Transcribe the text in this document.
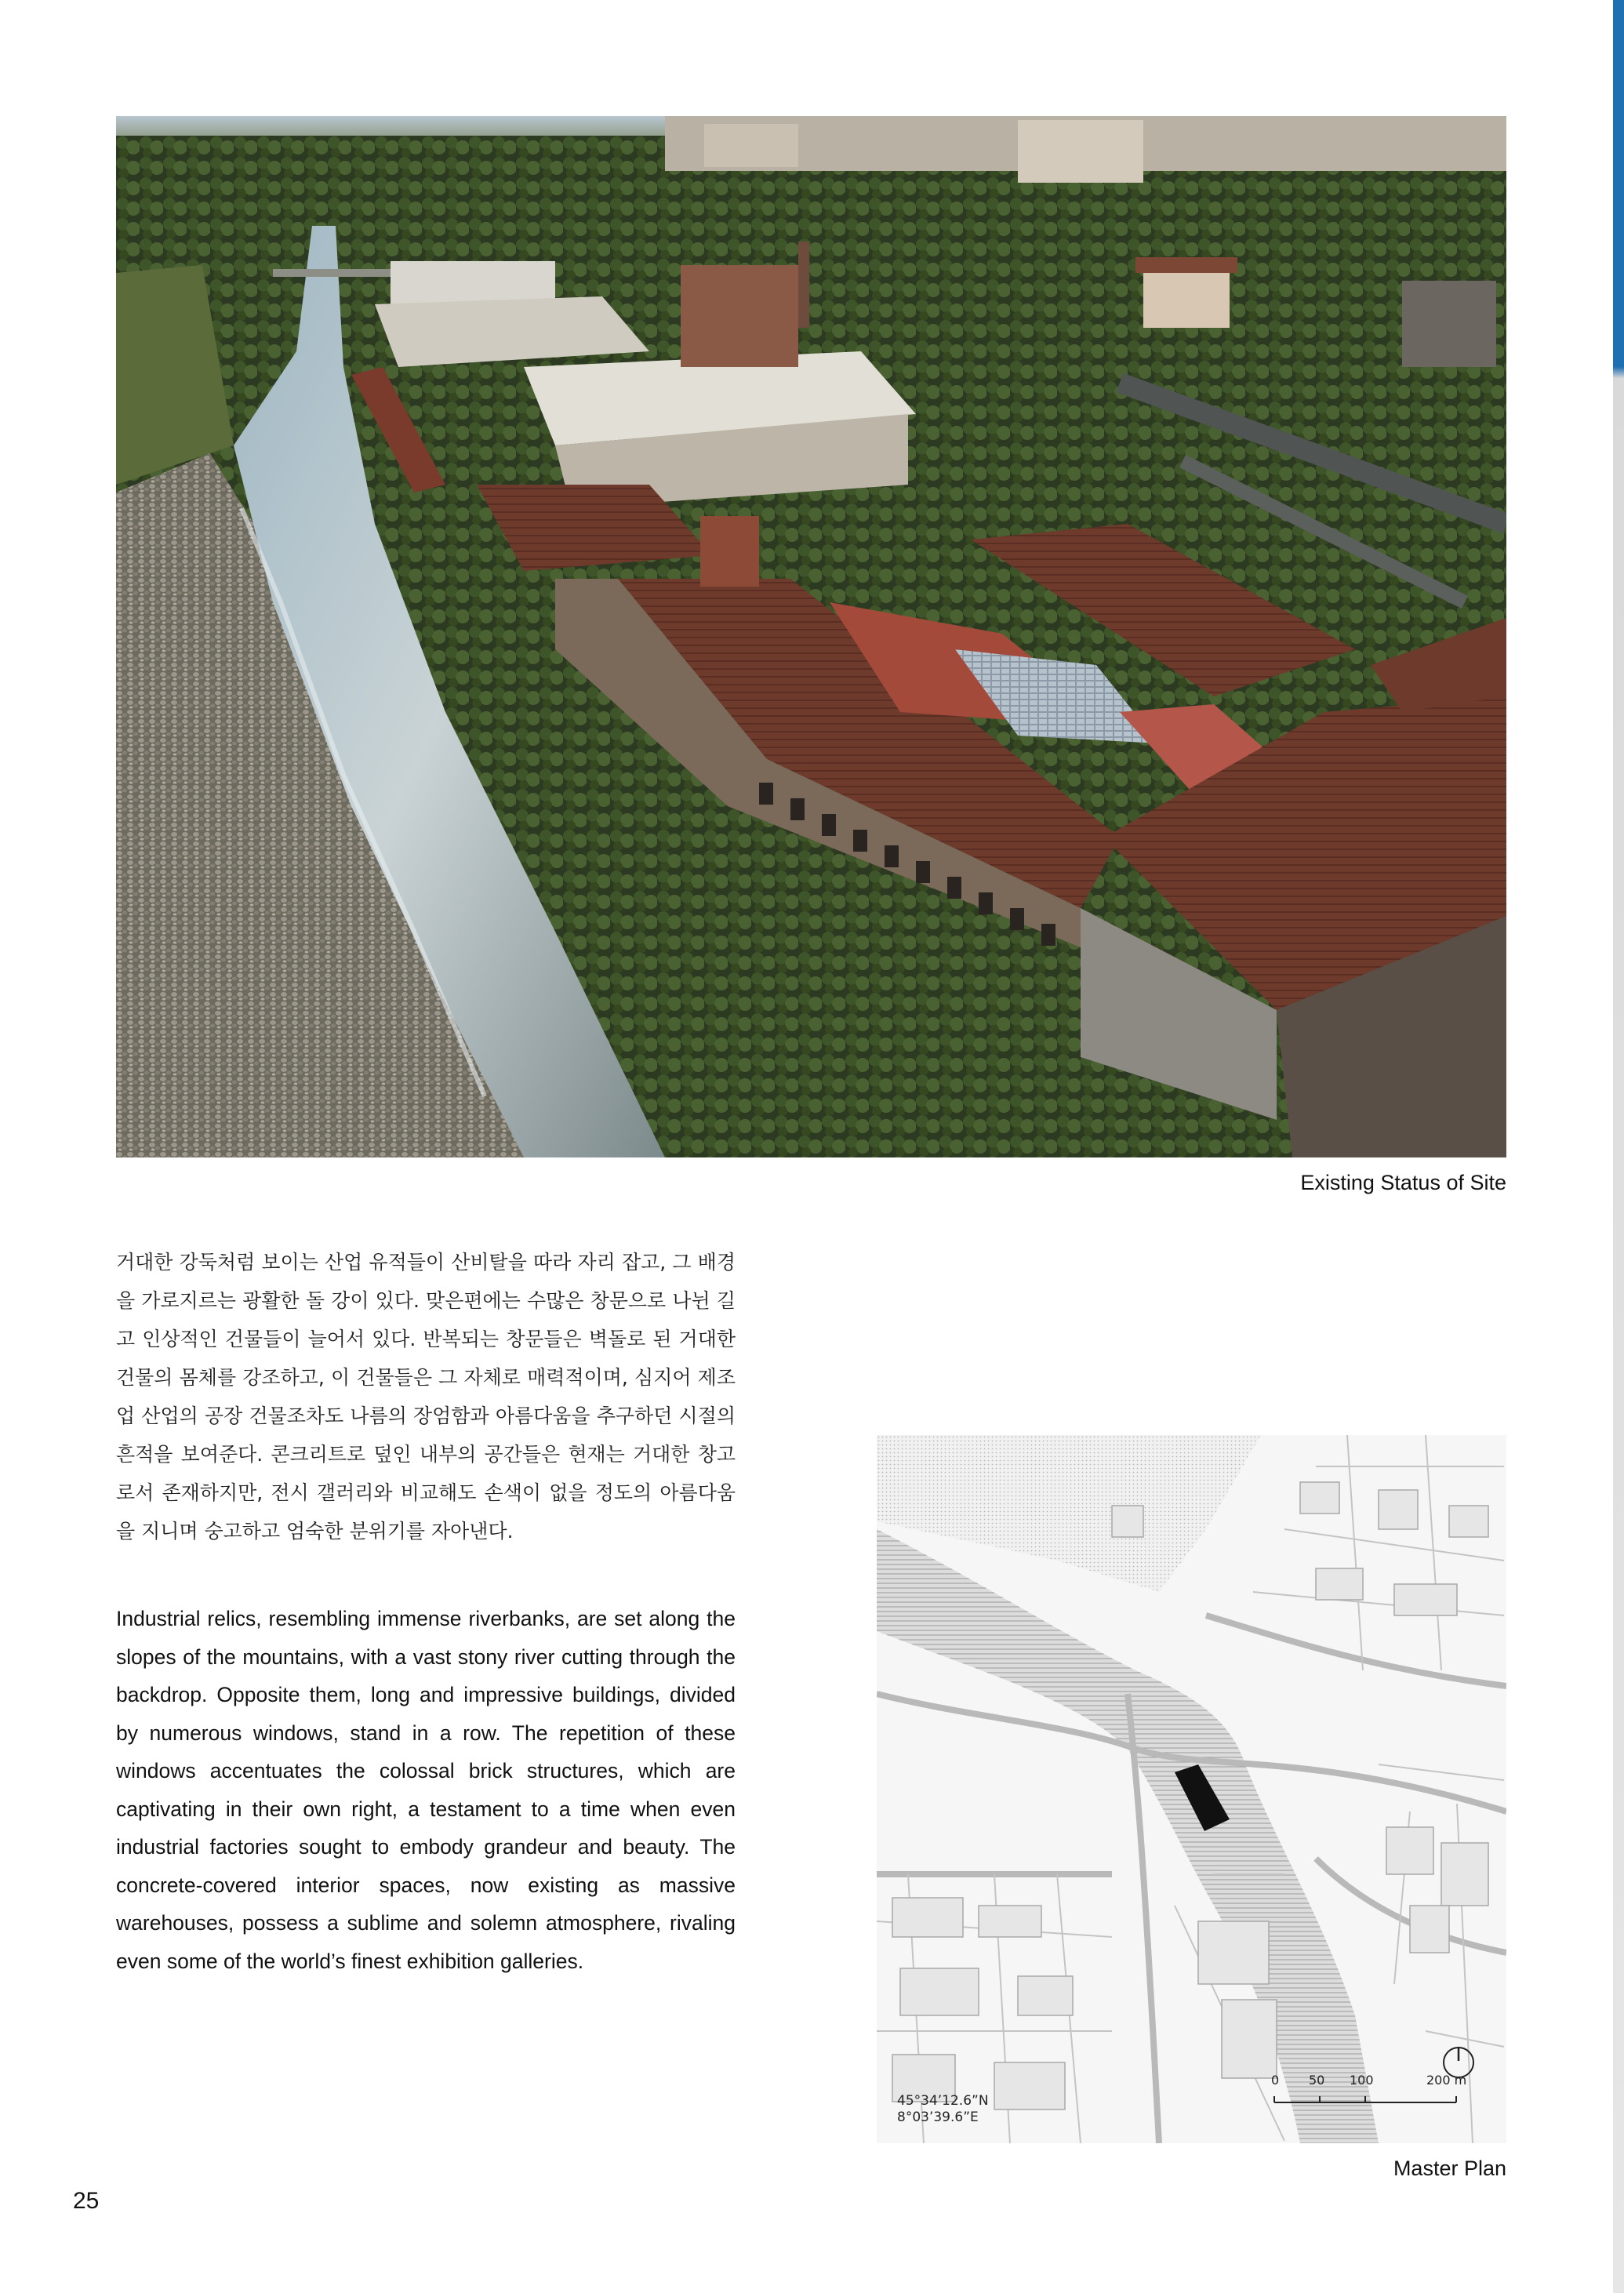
Existing Status of Site
거대한 강둑처럼 보이는 산업 유적들이 산비탈을 따라 자리 잡고, 그 배경을 가로지르는 광활한 돌 강이 있다. 맞은편에는 수많은 창문으로 나뉜 길고 인상적인 건물들이 늘어서 있다. 반복되는 창문들은 벽돌로 된 거대한 건물의 몸체를 강조하고, 이 건물들은 그 자체로 매력적이며, 심지어 제조업 산업의 공장 건물조차도 나름의 장엄함과 아름다움을 추구하던 시절의 흔적을 보여준다. 콘크리트로 덮인 내부의 공간들은 현재는 거대한 창고로서 존재하지만, 전시 갤러리와 비교해도 손색이 없을 정도의 아름다움을 지니며 숭고하고 엄숙한 분위기를 자아낸다.
Industrial relics, resembling immense riverbanks, are set along the slopes of the mountains, with a vast stony river cutting through the backdrop. Opposite them, long and impressive buildings, divided by numerous windows, stand in a row. The repetition of these windows accentuates the colossal brick structures, which are captivating in their own right, a testament to a time when even industrial factories sought to embody grandeur and beauty. The concrete-covered interior spaces, now existing as massive warehouses, possess a sublime and solemn atmosphere, rivaling even some of the world’s finest exhibition galleries.
45°34’12.6”N
8°03’39.6”E
0 50 100	200 m
Master Plan
25
